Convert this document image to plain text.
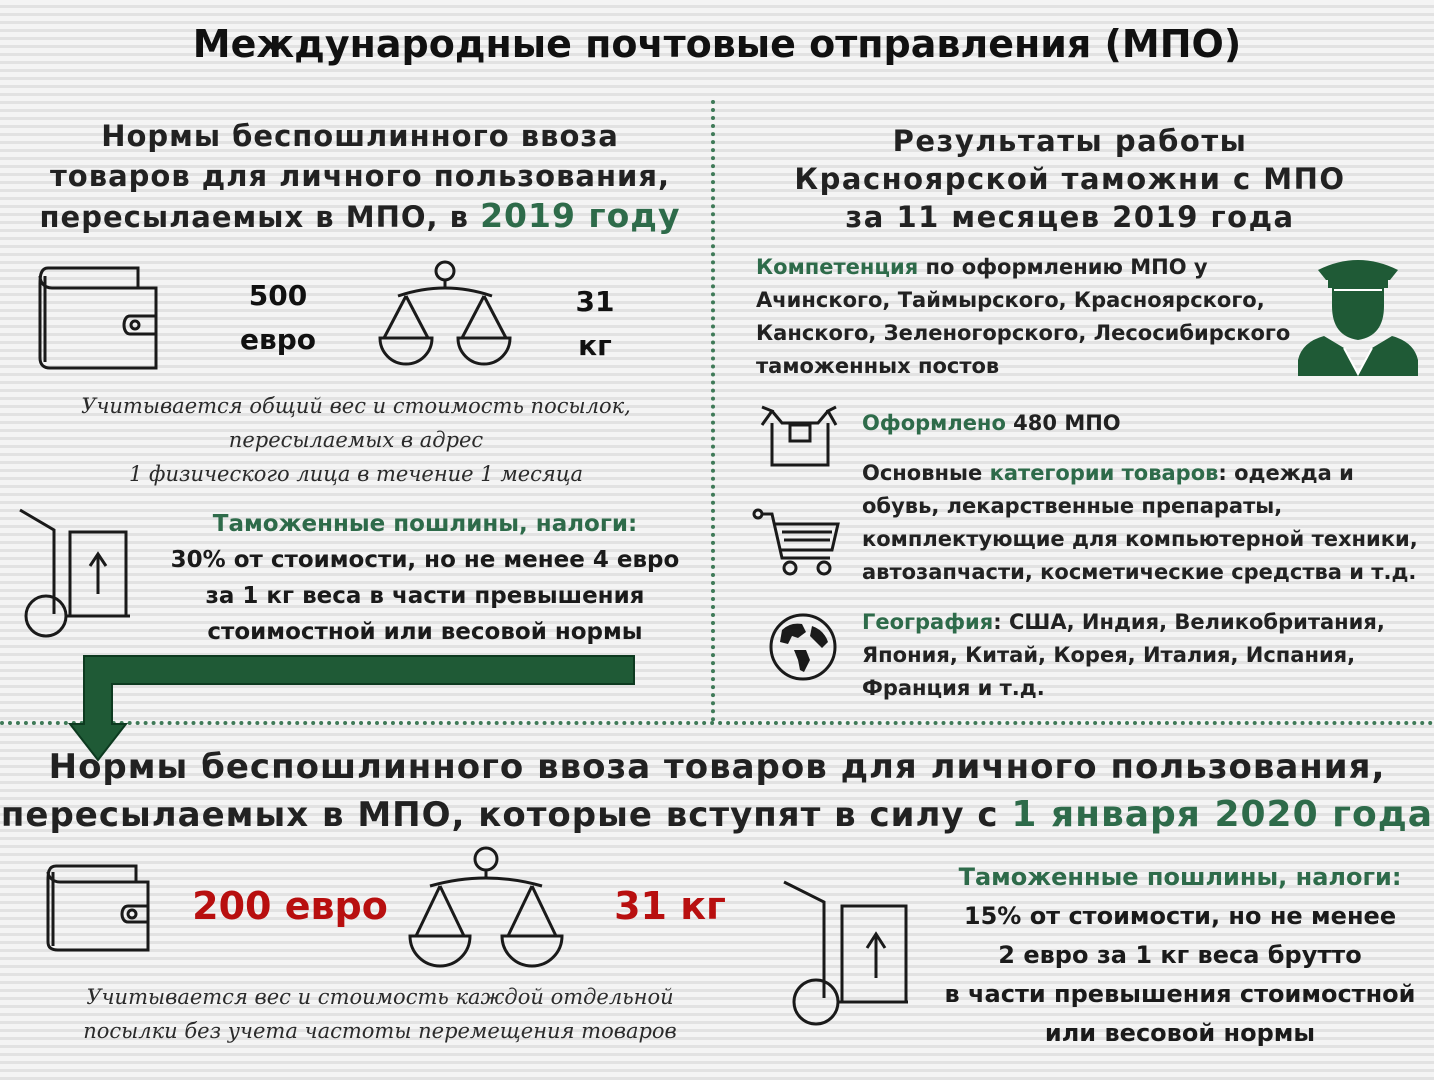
Международные почтовые отправления (МПО)
Нормы беспошлинного ввоза
товаров для личного пользования,
пересылаемых в МПО, в 2019 году
500
евро
31
кг
Учитывается общий вес и стоимость посылок,
пересылаемых в адрес
1 физического лица в течение 1 месяца
Таможенные пошлины, налоги:
30% от стоимости, но не менее 4 евро
за 1 кг веса в части превышения
стоимостной или весовой нормы
Результаты работы
Красноярской таможни с МПО
за 11 месяцев 2019 года
Компетенция по оформлению МПО у
Ачинского, Таймырского, Красноярского,
Канского, Зеленогорского, Лесосибирского
таможенных постов
Оформлено 480 МПО
Основные категории товаров: одежда и
обувь, лекарственные препараты,
комплектующие для компьютерной техники,
автозапчасти, косметические средства и т.д.
География: США, Индия, Великобритания,
Япония, Китай, Корея, Италия, Испания,
Франция и т.д.
Нормы беспошлинного ввоза товаров для личного пользования,
пересылаемых в МПО, которые вступят в силу с 1 января 2020 года
200 евро	31 кг
Учитывается вес и стоимость каждой отдельной
посылки без учета частоты перемещения товаров
Таможенные пошлины, налоги:
15% от стоимости, но не менее
2 евро за 1 кг веса брутто
в части превышения стоимостной
или весовой нормы
